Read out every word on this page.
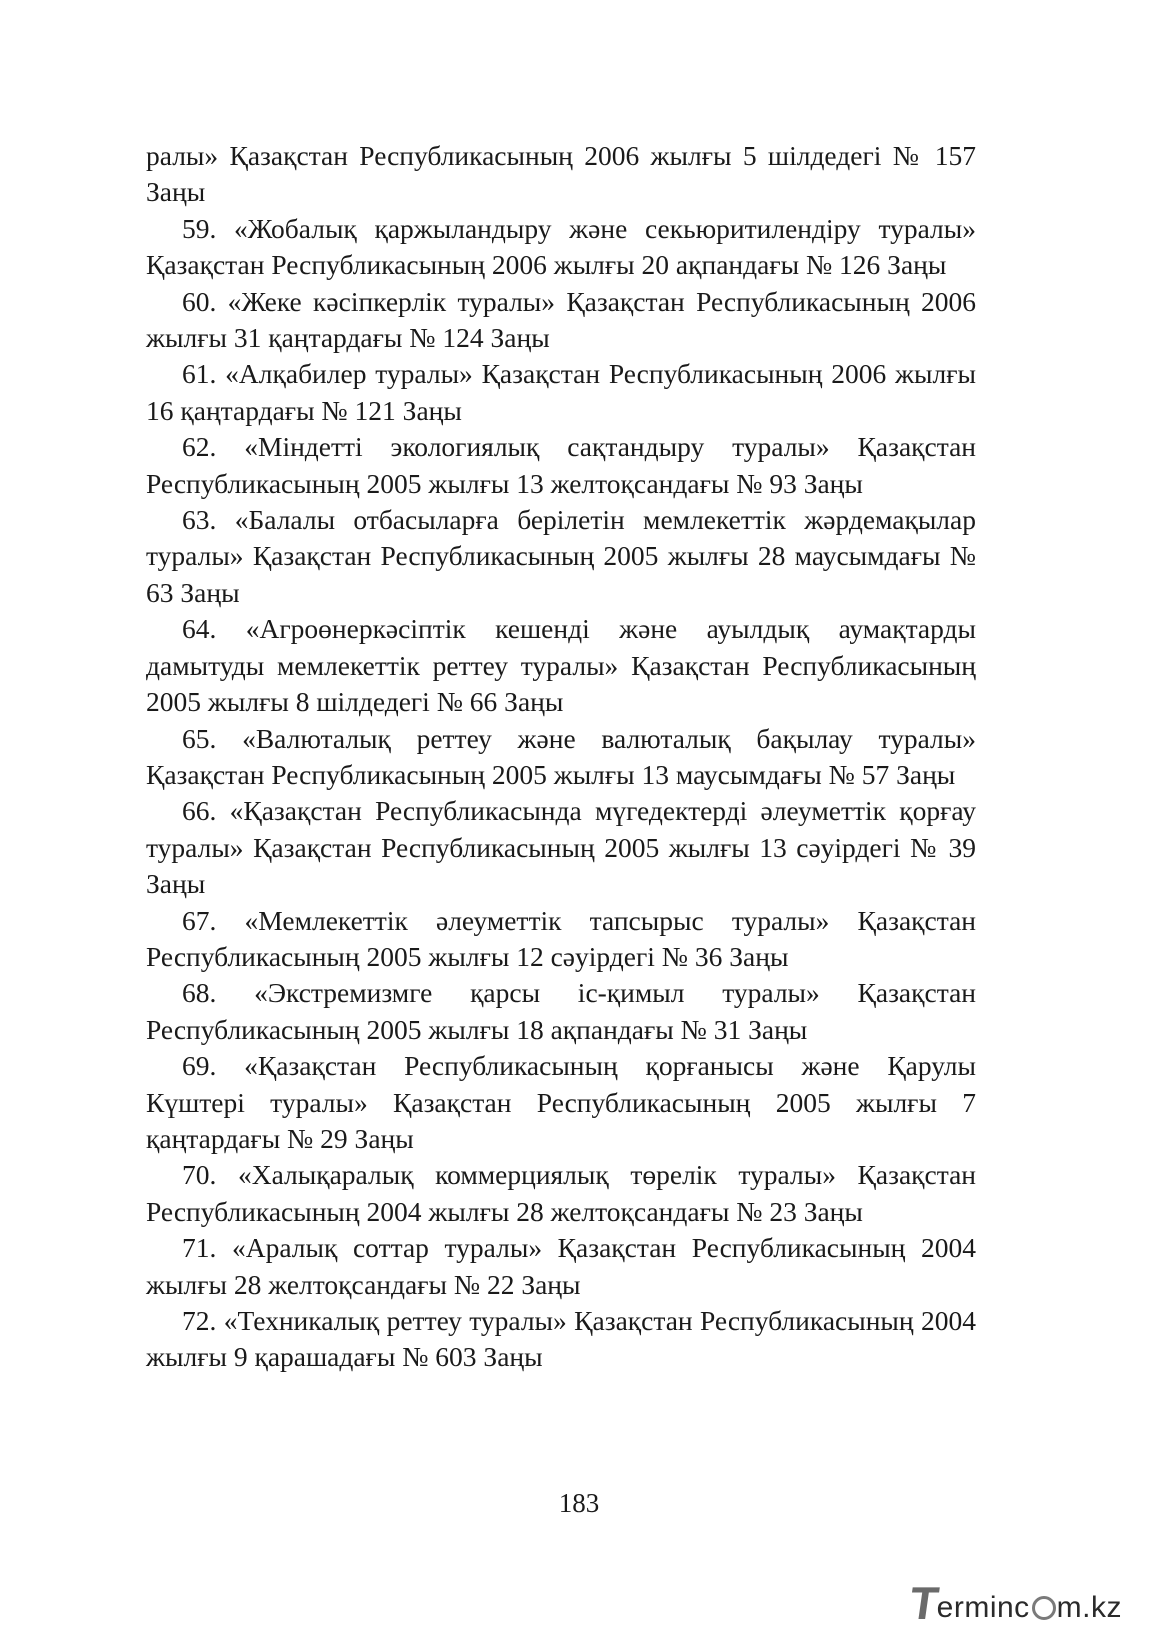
ралы» Қазақстан Республикасының 2006 жылғы 5 шілдедегі № 157 Заңы

59. «Жобалық қаржыландыру және секьюритилендіру туралы» Қазақстан Республикасының 2006 жылғы 20 ақпандағы № 126 Заңы

60. «Жеке кәсіпкерлік туралы» Қазақстан Республикасының 2006 жылғы 31 қаңтардағы № 124 Заңы

61. «Алқабилер туралы» Қазақстан Республикасының 2006 жылғы 16 қаңтардағы № 121 Заңы

62. «Міндетті экологиялық сақтандыру туралы» Қазақстан Республикасының 2005 жылғы 13 желтоқсандағы № 93 Заңы

63. «Балалы отбасыларға берілетін мемлекеттік жәрдемақылар туралы» Қазақстан Республикасының 2005 жылғы 28 маусымдағы № 63 Заңы

64. «Агроөнеркәсіптік кешенді және ауылдық аумақтарды дамытуды мемлекеттік реттеу туралы» Қазақстан Республикасының 2005 жылғы 8 шілдедегі № 66 Заңы

65. «Валюталық реттеу және валюталық бақылау туралы» Қазақстан Республикасының 2005 жылғы 13 маусымдағы № 57 Заңы

66. «Қазақстан Республикасында мүгедектерді әлеуметтік қорғау туралы» Қазақстан Республикасының 2005 жылғы 13 сәуірдегі № 39 Заңы

67. «Мемлекеттік әлеуметтік тапсырыс туралы» Қазақстан Республикасының 2005 жылғы 12 сәуірдегі № 36 Заңы

68. «Экстремизмге қарсы іс-қимыл туралы» Қазақстан Республикасының 2005 жылғы 18 ақпандағы № 31 Заңы

69. «Қазақстан Республикасының қорғанысы және Қарулы Күштері туралы» Қазақстан Республикасының 2005 жылғы 7 қаңтардағы № 29 Заңы

70. «Халықаралық коммерциялық төрелік туралы» Қазақстан Республикасының 2004 жылғы 28 желтоқсандағы № 23 Заңы

71. «Аралық соттар туралы» Қазақстан Республикасының 2004 жылғы 28 желтоқсандағы № 22 Заңы

72. «Техникалық реттеу туралы» Қазақстан Республикасының 2004 жылғы 9 қарашадағы № 603 Заңы

183
T
ermin c m.kz
